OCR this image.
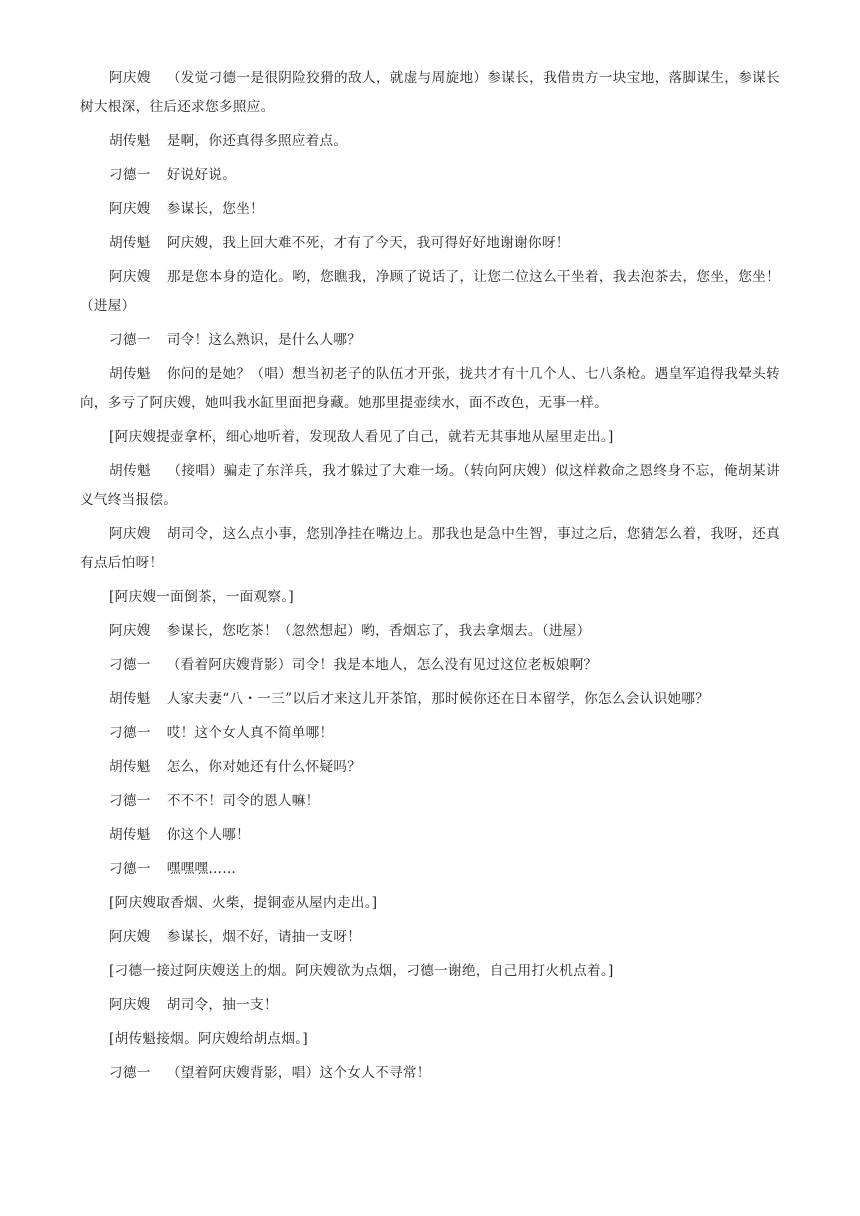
阿庆嫂 （发觉刁德一是很阴险狡猾的敌人，就虚与周旋地）参谋长，我借贵方一块宝地，落脚谋生，参谋长树大根深，往后还求您多照应。

胡传魁 是啊，你还真得多照应着点。

刁德一 好说好说。

阿庆嫂 参谋长，您坐！

胡传魁 阿庆嫂，我上回大难不死，才有了今天，我可得好好地谢谢你呀！

阿庆嫂 那是您本身的造化。哟，您瞧我，净顾了说话了，让您二位这么干坐着，我去泡茶去，您坐，您坐！（进屋）

刁德一 司令！这么熟识，是什么人哪？

胡传魁 你问的是她？（唱）想当初老子的队伍才开张，拢共才有十几个人、七八条枪。遇皇军追得我晕头转向，多亏了阿庆嫂，她叫我水缸里面把身藏。她那里提壶续水，面不改色，无事一样。

[阿庆嫂提壶拿杯，细心地听着，发现敌人看见了自己，就若无其事地从屋里走出。]

胡传魁 （接唱）骗走了东洋兵，我才躲过了大难一场。（转向阿庆嫂）似这样救命之恩终身不忘，俺胡某讲义气终当报偿。

阿庆嫂 胡司令，这么点小事，您别净挂在嘴边上。那我也是急中生智，事过之后，您猜怎么着，我呀，还真有点后怕呀！

[阿庆嫂一面倒茶，一面观察。]

阿庆嫂 参谋长，您吃茶！（忽然想起）哟，香烟忘了，我去拿烟去。（进屋）

刁德一 （看着阿庆嫂背影）司令！我是本地人，怎么没有见过这位老板娘啊？

胡传魁 人家夫妻“八・一三”以后才来这儿开茶馆，那时候你还在日本留学，你怎么会认识她哪？

刁德一 哎！这个女人真不简单哪！

胡传魁 怎么，你对她还有什么怀疑吗？

刁德一 不不不！司令的恩人嘛！

胡传魁 你这个人哪！

刁德一 嘿嘿嘿……

[阿庆嫂取香烟、火柴，提铜壶从屋内走出。]

阿庆嫂 参谋长，烟不好，请抽一支呀！

[刁德一接过阿庆嫂送上的烟。阿庆嫂欲为点烟，刁德一谢绝，自己用打火机点着。]

阿庆嫂 胡司令，抽一支！

[胡传魁接烟。阿庆嫂给胡点烟。]

刁德一 （望着阿庆嫂背影，唱）这个女人不寻常！
